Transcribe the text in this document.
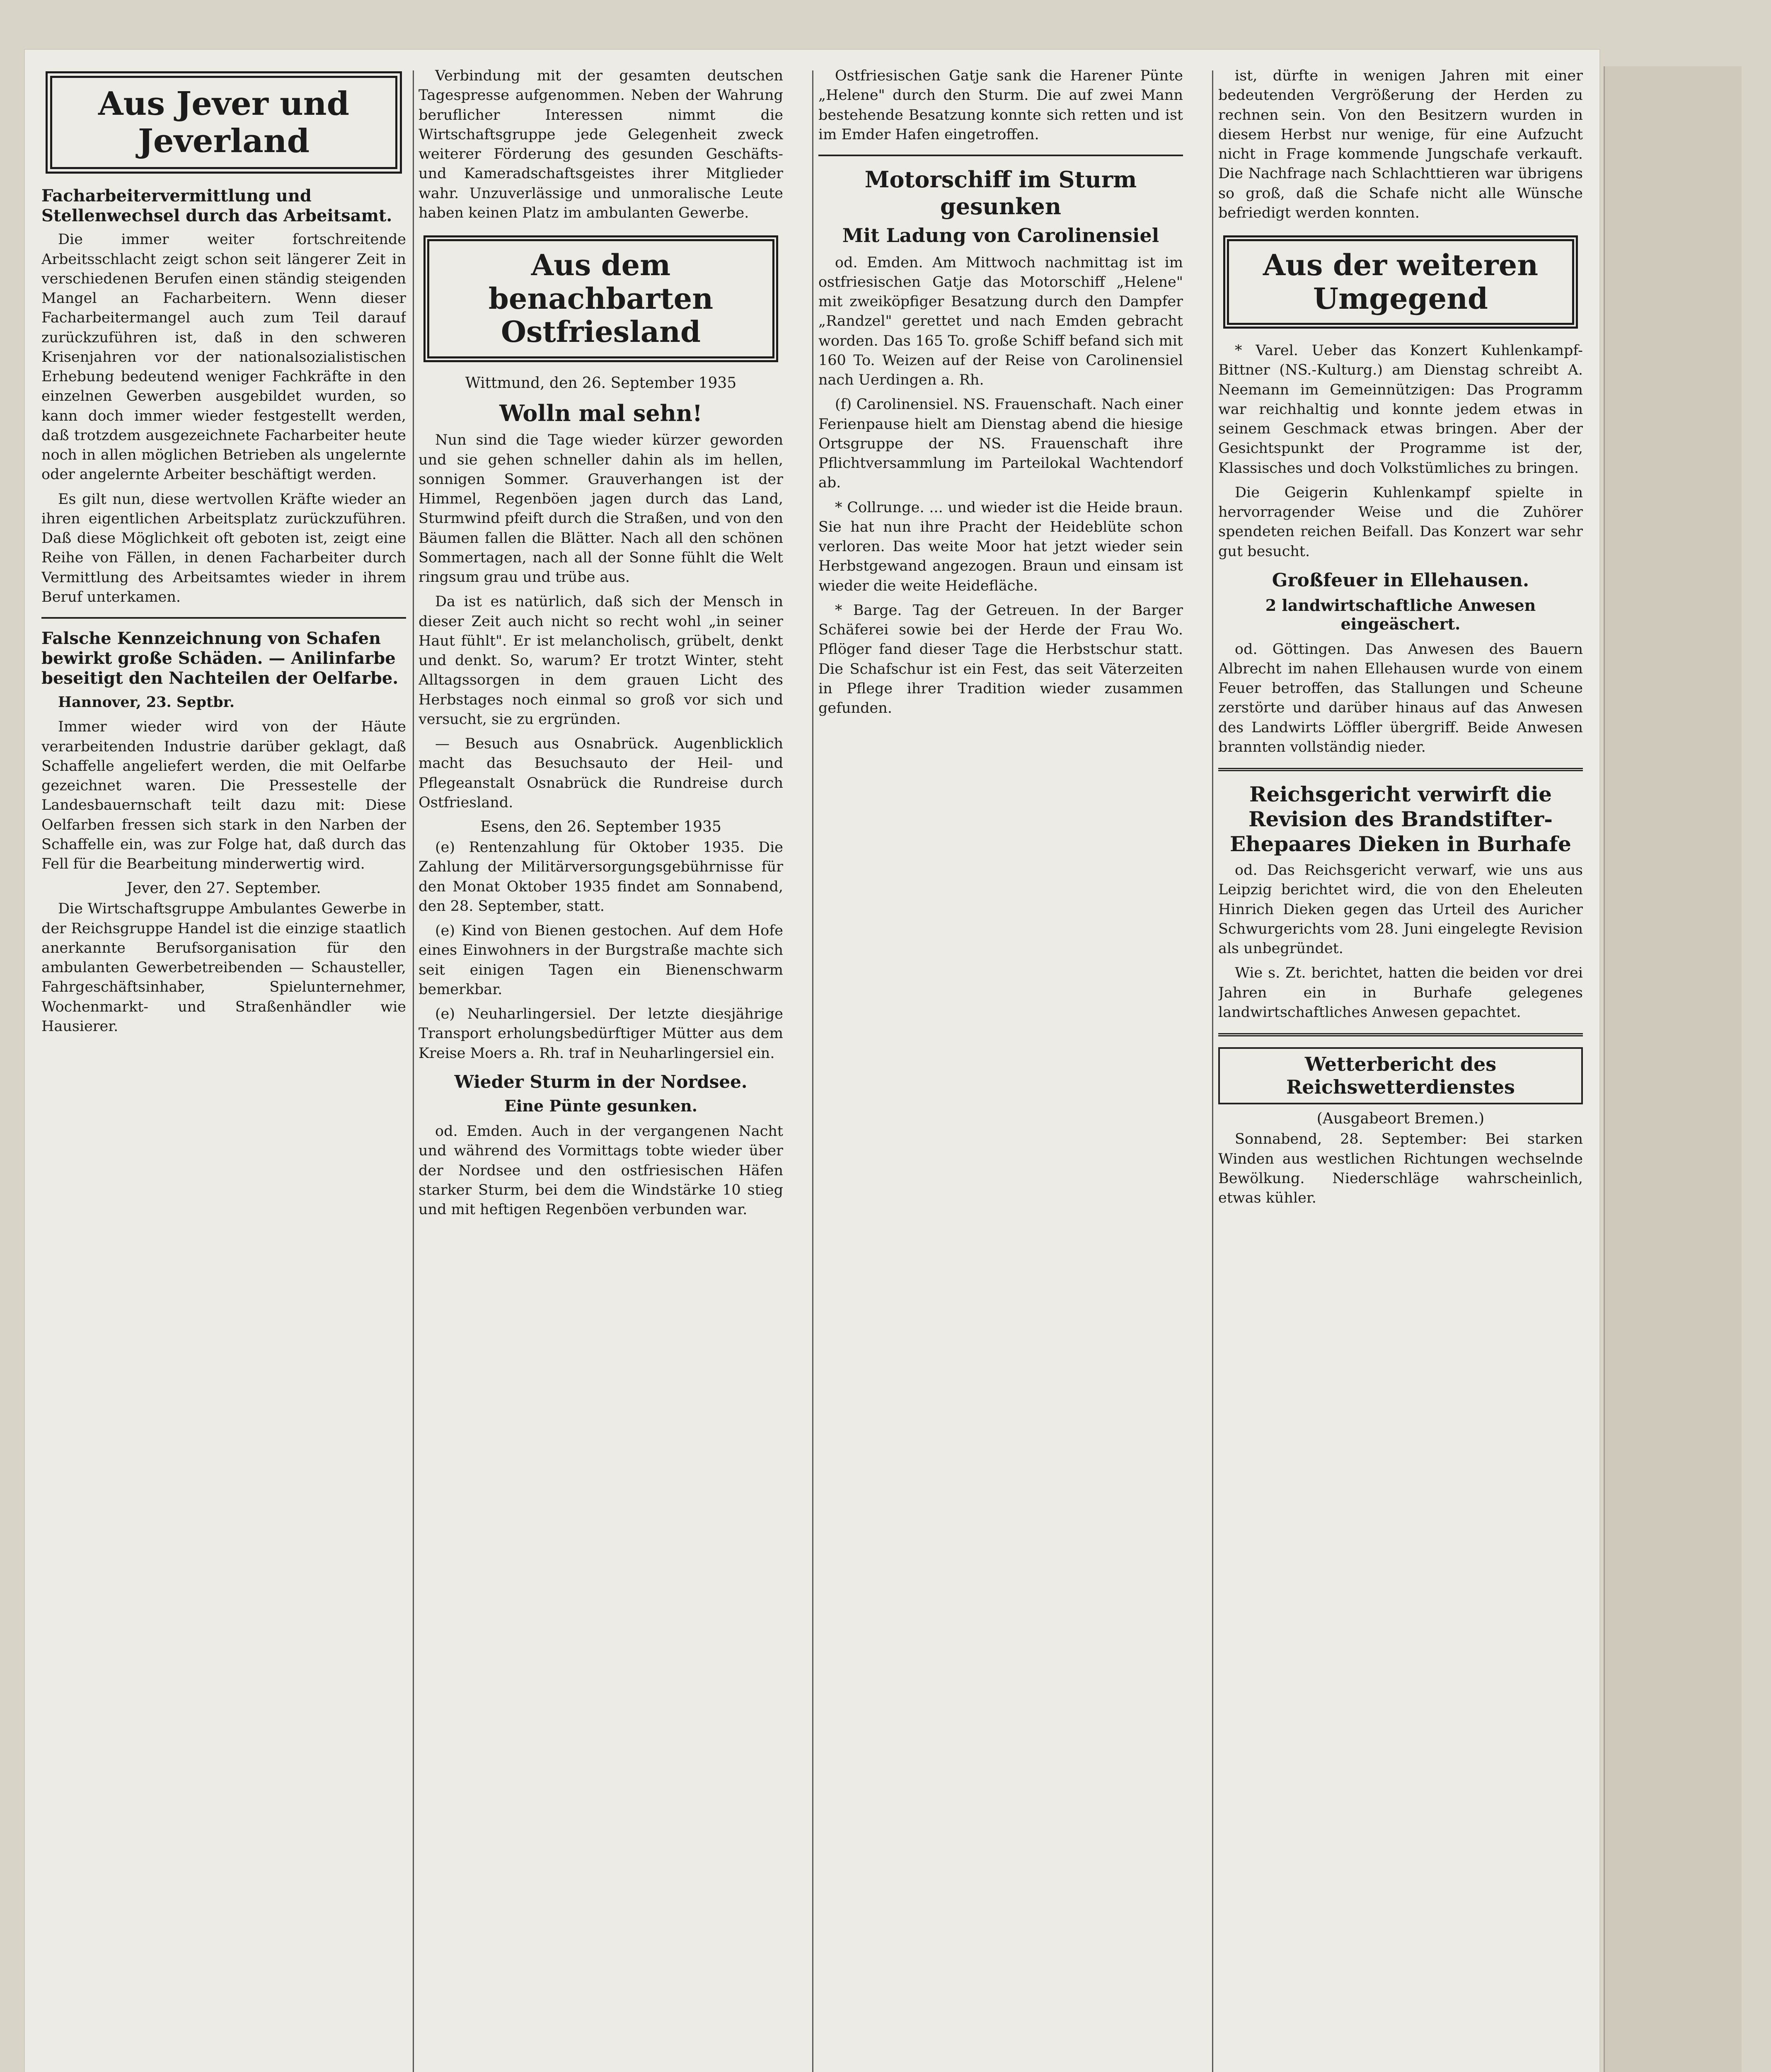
Aus Jever und Jeverland
Facharbeitervermittlung und Stellenwechsel durch das Arbeitsamt.

Die immer weiter fortschreitende Arbeitsschlacht zeigt schon seit längerer Zeit in verschiedenen Berufen einen ständig steigenden Mangel an Facharbeitern. Wenn dieser Facharbeitermangel auch zum Teil darauf zurückzuführen ist, daß in den schweren Krisenjahren vor der nationalsozialistischen Erhebung bedeutend weniger Fachkräfte in den einzelnen Gewerben ausgebildet wurden, so kann doch immer wieder festgestellt werden, daß trotzdem ausgezeichnete Facharbeiter heute noch in allen möglichen Betrieben als ungelernte oder angelernte Arbeiter beschäftigt werden.

Es gilt nun, diese wertvollen Kräfte wieder an ihren eigentlichen Arbeitsplatz zurückzuführen. Daß diese Möglichkeit oft geboten ist, zeigt eine Reihe von Fällen, in denen Facharbeiter durch Vermittlung des Arbeitsamtes wieder in ihrem Beruf unterkamen.

Falsche Kennzeichnung von Schafen bewirkt große Schäden. — Anilinfarbe beseitigt den Nachteilen der Oelfarbe.

Hannover, 23. Septbr.

Immer wieder wird von der Häute verarbeitenden Industrie darüber geklagt, daß Schaffelle angeliefert werden, die mit Oelfarbe gezeichnet waren. Die Pressestelle der Landesbauernschaft teilt dazu mit: Diese Oelfarben fressen sich stark in den Narben der Schaffelle ein, was zur Folge hat, daß durch das Fell für die Bearbeitung minderwertig wird.

Jever, den 27. September.

Die Wirtschaftsgruppe Ambulantes Gewerbe in der Reichsgruppe Handel ist die einzige staatlich anerkannte Berufsorganisation für den ambulanten Gewerbetreibenden — Schausteller, Fahrgeschäftsinhaber, Spielunternehmer, Wochenmarkt- und Straßenhändler wie Hausierer.

Verbindung mit der gesamten deutschen Tagespresse aufgenommen. Neben der Wahrung beruflicher Interessen nimmt die Wirtschaftsgruppe jede Gelegenheit zweck weiterer Förderung des gesunden Geschäfts- und Kameradschaftsgeistes ihrer Mitglieder wahr. Unzuverlässige und unmoralische Leute haben keinen Platz im ambulanten Gewerbe.

Aus dem benachbarten Ostfriesland
Wittmund, den 26. September 1935
Wolln mal sehn!

Nun sind die Tage wieder kürzer geworden und sie gehen schneller dahin als im hellen, sonnigen Sommer. Grauverhangen ist der Himmel, Regenböen jagen durch das Land, Sturmwind pfeift durch die Straßen, und von den Bäumen fallen die Blätter. Nach all den schönen Sommertagen, nach all der Sonne fühlt die Welt ringsum grau und trübe aus.

Da ist es natürlich, daß sich der Mensch in dieser Zeit auch nicht so recht wohl „in seiner Haut fühlt". Er ist melancholisch, grübelt, denkt und denkt. So, warum? Er trotzt Winter, steht Alltagssorgen in dem grauen Licht des Herbstages noch einmal so groß vor sich und versucht, sie zu ergründen.

— Besuch aus Osnabrück. Augenblicklich macht das Besuchsauto der Heil- und Pflegeanstalt Osnabrück die Rundreise durch Ostfriesland.

Esens, den 26. September 1935

(e) Rentenzahlung für Oktober 1935. Die Zahlung der Militärversorgungsgebührnisse für den Monat Oktober 1935 findet am Sonnabend, den 28. September, statt.

(e) Kind von Bienen gestochen. Auf dem Hofe eines Einwohners in der Burgstraße machte sich seit einigen Tagen ein Bienenschwarm bemerkbar.

(e) Neuharlingersiel. Der letzte diesjährige Transport erholungsbedürftiger Mütter aus dem Kreise Moers a. Rh. traf in Neuharlingersiel ein.

Wieder Sturm in der Nordsee.
Eine Pünte gesunken.

od. Emden. Auch in der vergangenen Nacht und während des Vormittags tobte wieder über der Nordsee und den ostfriesischen Häfen starker Sturm, bei dem die Windstärke 10 stieg und mit heftigen Regenböen verbunden war.

Ostfriesischen Gatje sank die Harener Pünte „Helene" durch den Sturm. Die auf zwei Mann bestehende Besatzung konnte sich retten und ist im Emder Hafen eingetroffen.

Motorschiff im Sturm gesunken
Mit Ladung von Carolinensiel

od. Emden. Am Mittwoch nachmittag ist im ostfriesischen Gatje das Motorschiff „Helene" mit zweiköpfiger Besatzung durch den Dampfer „Randzel" gerettet und nach Emden gebracht worden. Das 165 To. große Schiff befand sich mit 160 To. Weizen auf der Reise von Carolinensiel nach Uerdingen a. Rh.

(f) Carolinensiel. NS. Frauenschaft. Nach einer Ferienpause hielt am Dienstag abend die hiesige Ortsgruppe der NS. Frauenschaft ihre Pflichtversammlung im Parteilokal Wachtendorf ab.

* Collrunge. ... und wieder ist die Heide braun. Sie hat nun ihre Pracht der Heideblüte schon verloren. Das weite Moor hat jetzt wieder sein Herbstgewand angezogen. Braun und einsam ist wieder die weite Heidefläche.

* Barge. Tag der Getreuen. In der Barger Schäferei sowie bei der Herde der Frau Wo. Pflöger fand dieser Tage die Herbstschur statt. Die Schafschur ist ein Fest, das seit Väterzeiten in Pflege ihrer Tradition wieder zusammen gefunden.

ist, dürfte in wenigen Jahren mit einer bedeutenden Vergrößerung der Herden zu rechnen sein. Von den Besitzern wurden in diesem Herbst nur wenige, für eine Aufzucht nicht in Frage kommende Jungschafe verkauft. Die Nachfrage nach Schlachttieren war übrigens so groß, daß die Schafe nicht alle Wünsche befriedigt werden konnten.

Aus der weiteren Umgegend

* Varel. Ueber das Konzert Kuhlenkampf-Bittner (NS.-Kulturg.) am Dienstag schreibt A. Neemann im Gemeinnützigen: Das Programm war reichhaltig und konnte jedem etwas in seinem Geschmack etwas bringen. Aber der Gesichtspunkt der Programme ist der, Klassisches und doch Volkstümliches zu bringen.

Die Geigerin Kuhlenkampf spielte in hervorragender Weise und die Zuhörer spendeten reichen Beifall. Das Konzert war sehr gut besucht.

Großfeuer in Ellehausen.
2 landwirtschaftliche Anwesen eingeäschert.

od. Göttingen. Das Anwesen des Bauern Albrecht im nahen Ellehausen wurde von einem Feuer betroffen, das Stallungen und Scheune zerstörte und darüber hinaus auf das Anwesen des Landwirts Löffler übergriff. Beide Anwesen brannten vollständig nieder.

Reichsgericht verwirft die Revision des Brandstifter-Ehepaares Dieken in Burhafe

od. Das Reichsgericht verwarf, wie uns aus Leipzig berichtet wird, die von den Eheleuten Hinrich Dieken gegen das Urteil des Auricher Schwurgerichts vom 28. Juni eingelegte Revision als unbegründet.

Wie s. Zt. berichtet, hatten die beiden vor drei Jahren ein in Burhafe gelegenes landwirtschaftliches Anwesen gepachtet.

Wetterbericht des Reichswetterdienstes
(Ausgabeort Bremen.)

Sonnabend, 28. September: Bei starken Winden aus westlichen Richtungen wechselnde Bewölkung. Niederschläge wahrscheinlich, etwas kühler.
